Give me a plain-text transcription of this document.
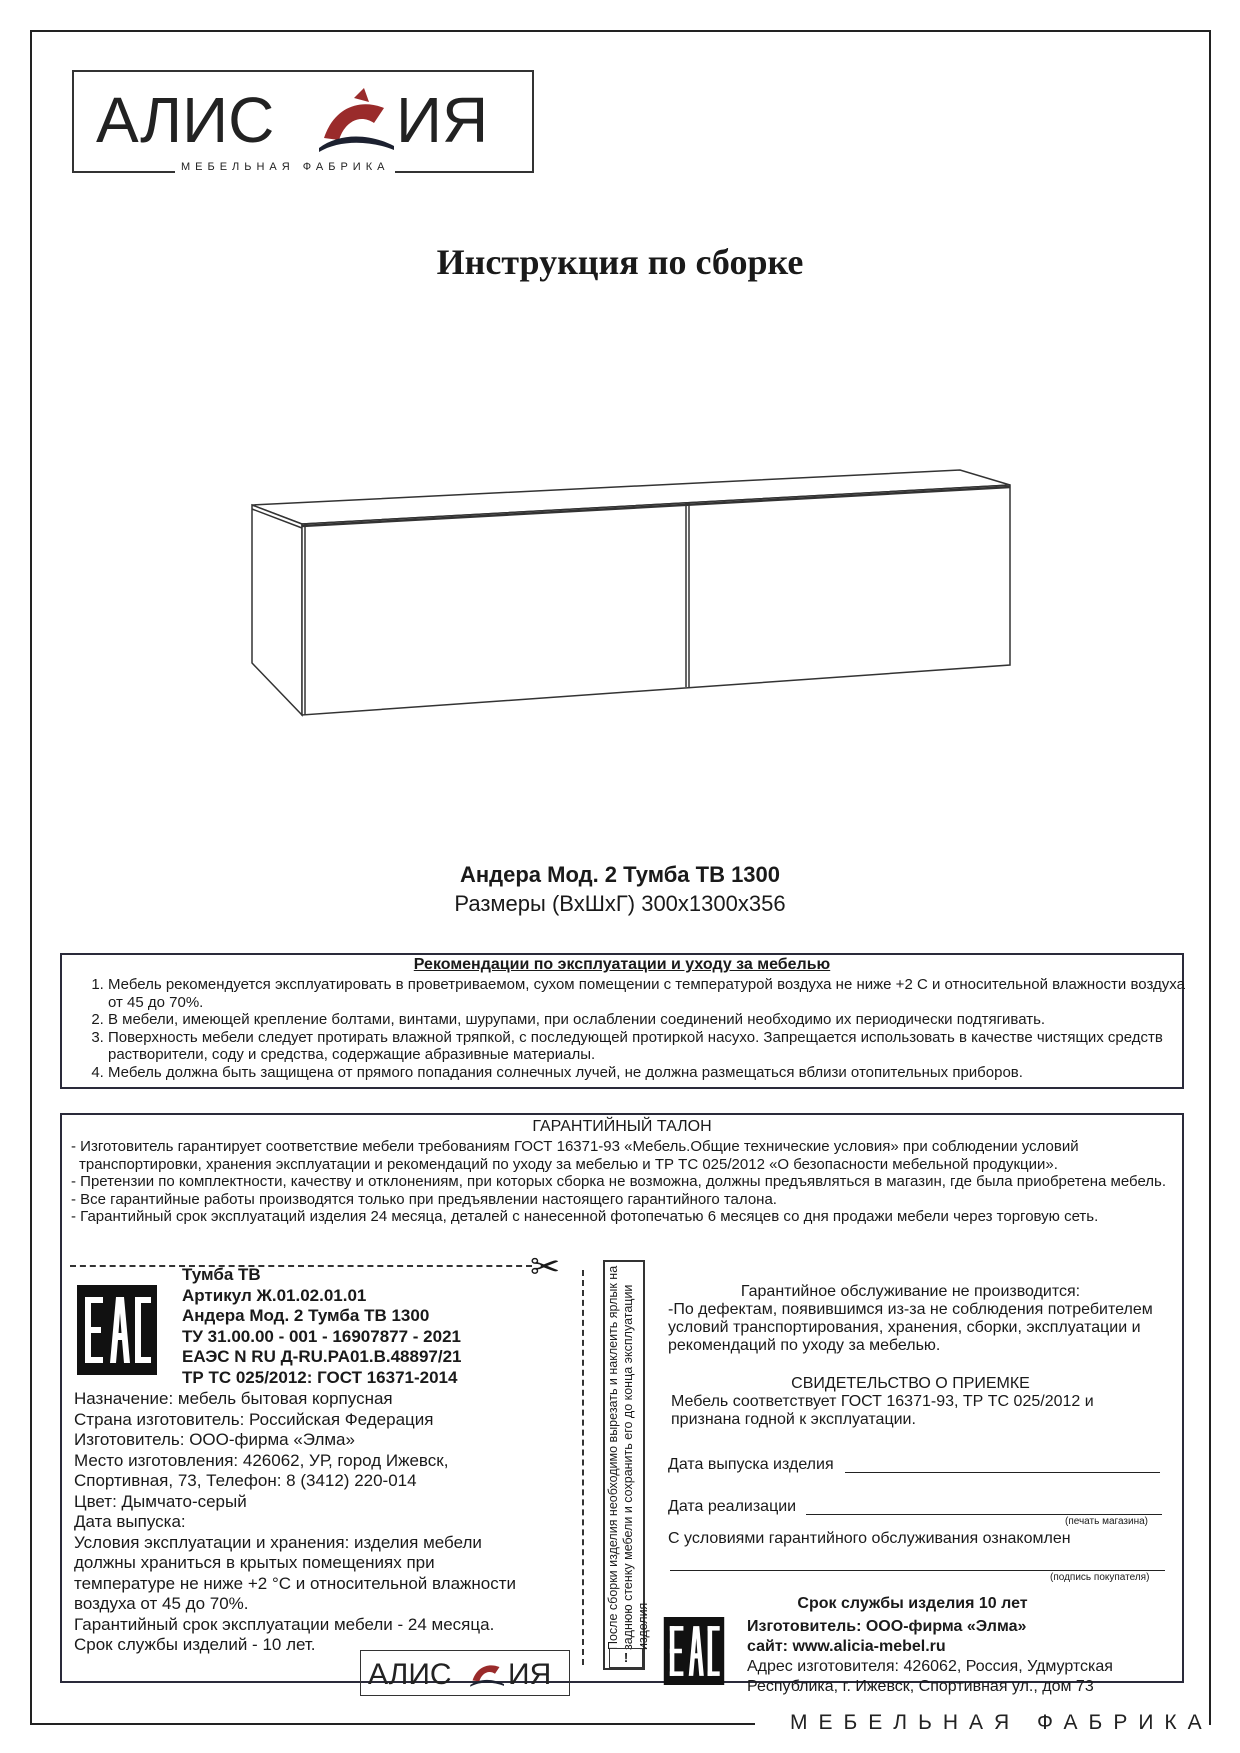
МЕБЕЛЬНАЯ ФАБРИКА
АЛИС ИЯ
МЕБЕЛЬНАЯ ФАБРИКА
Инструкция по сборке
Андера Мод. 2 Тумба ТВ 1300
Размеры (ВхШхГ) 300х1300х356
Рекомендации по эксплуатации и уходу за мебелью
1. Мебель рекомендуется эксплуатировать в проветриваемом, сухом помещении с температурой воздуха не ниже +2 С и относительной влажности воздуха от 45 до 70%.
2. В мебели, имеющей крепление болтами, винтами, шурупами, при ослаблении соединений необходимо их периодически подтягивать.
3. Поверхность мебели следует протирать влажной тряпкой, с последующей протиркой насухо. Запрещается использовать в качестве чистящих средств растворители, соду и средства, содержащие абразивные материалы.
4. Мебель должна быть защищена от прямого попадания солнечных лучей, не должна размещаться вблизи отопительных приборов.
ГАРАНТИЙНЫЙ ТАЛОН
- Изготовитель гарантирует соответствие мебели требованиям ГОСТ 16371-93 «Мебель.Общие технические условия» при соблюдении условий транспортировки, хранения эксплуатации и рекомендаций по уходу за мебелью и ТР ТС 025/2012 «О безопасности мебельной продукции».
- Претензии по комплектности, качеству и отклонениям, при которых сборка не возможна, должны предъявляться в магазин, где была приобретена мебель.
- Все гарантийные работы производятся только при предъявлении настоящего гарантийного талона.
- Гарантийный срок эксплуатаций изделия 24 месяца, деталей с нанесенной фотопечатью 6 месяцев со дня продажи мебели через торговую сеть.
✂
Тумба ТВ
Артикул Ж.01.02.01.01
Андера Мод. 2 Тумба ТВ 1300
ТУ 31.00.00 - 001 - 16907877 - 2021
ЕАЭС N RU Д-RU.PA01.B.48897/21
ТР ТС 025/2012: ГОСТ 16371-2014
Назначение: мебель бытовая корпусная
Страна изготовитель: Российская Федерация
Изготовитель: ООО-фирма «Элма»
Место изготовления: 426062, УР, город Ижевск,
Спортивная, 73, Телефон: 8 (3412) 220-014
Цвет: Дымчато-серый
Дата выпуска:
Условия эксплуатации и хранения: изделия мебели
должны храниться в крытых помещениях при
температуре не ниже +2 °С и относительной влажности
воздуха от 45 до 70%.
Гарантийный срок эксплуатации мебели - 24 месяца.
Срок службы изделий - 10 лет.
АЛИС ИЯ
После сборки изделия необходимо вырезать и наклеить ярлык на заднюю стенку мебели и сохранить его до конца эксплуатации изделия
!
Гарантийное обслуживание не производится:
-По дефектам, появившимся из-за не соблюдения потребителем
условий транспортирования, хранения, сборки, эксплуатации и
рекомендаций по уходу за мебелью.
СВИДЕТЕЛЬСТВО О ПРИЕМКЕ
Мебель соответствует ГОСТ 16371-93, ТР ТС 025/2012 и
признана годной к эксплуатации.
Дата выпуска изделия
Дата реализации
(печать магазина)
С условиями гарантийного обслуживания ознакомлен
(подпись покупателя)
Срок службы изделия 10 лет
Изготовитель: ООО-фирма «Элма»
сайт: www.alicia-mebel.ru
Адрес изготовителя: 426062, Россия, Удмуртская
Республика, г. Ижевск, Спортивная ул., дом 73
